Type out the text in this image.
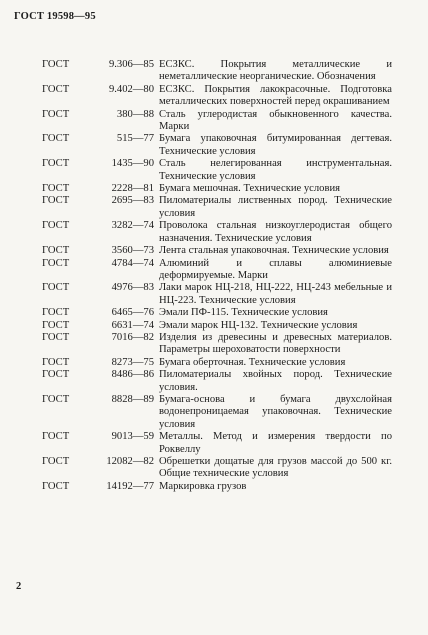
ГОСТ 19598—95
ГОСТ	9.306—85 ЕСЗКС. Покрытия металлические и неметаллические неорганические. Обозначения
ГОСТ	9.402—80 ЕСЗКС. Покрытия лакокрасочные. Подготовка металлических поверхностей перед окрашиванием
ГОСТ	380—88 Сталь углеродистая обыкновенного качества. Марки
ГОСТ	515—77 Бумага упаковочная битумированная дегтевая. Технические условия
ГОСТ	1435—90 Сталь нелегированная инструментальная. Технические условия
ГОСТ	2228—81 Бумага мешочная. Технические условия
ГОСТ	2695—83 Пиломатериалы лиственных пород. Технические условия
ГОСТ	3282—74 Проволока стальная низкоуглеродистая общего назначения. Технические условия
ГОСТ	3560—73 Лента стальная упаковочная. Технические условия
ГОСТ	4784—74 Алюминий и сплавы алюминиевые деформируемые. Марки
ГОСТ	4976—83 Лаки марок НЦ-218, НЦ-222, НЦ-243 мебельные и НЦ-223. Технические условия
ГОСТ	6465—76 Эмали ПФ-115. Технические условия
ГОСТ	6631—74 Эмали марок НЦ-132. Технические условия
ГОСТ	7016—82 Изделия из древесины и древесных материалов. Параметры шероховатости поверхности
ГОСТ	8273—75 Бумага оберточная. Технические условия
ГОСТ	8486—86 Пиломатериалы хвойных пород. Технические условия.
ГОСТ	8828—89 Бумага-основа и бумага двухслойная водонепроницаемая упаковочная. Технические условия
ГОСТ	9013—59 Металлы. Метод и измерения твердости по Роквеллу
ГОСТ	12082—82 Обрешетки дощатые для грузов массой до 500 кг. Общие технические условия
ГОСТ	14192—77 Маркировка грузов
2
